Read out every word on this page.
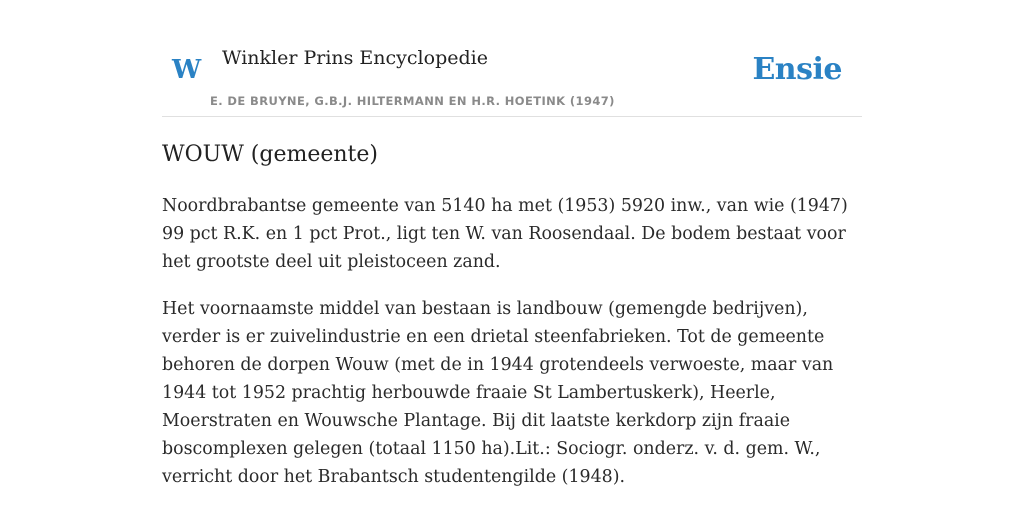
W Winkler Prins Encyclopedie
E. DE BRUYNE, G.B.J. HILTERMANN EN H.R. HOETINK (1947)
Ensie
WOUW (gemeente)

Noordbrabantse gemeente van 5140 ha met (1953) 5920 inw., van wie (1947) 99 pct R.K. en 1 pct Prot., ligt ten W. van Roosendaal. De bodem bestaat voor het grootste deel uit pleistoceen zand.

Het voornaamste middel van bestaan is landbouw (gemengde bedrijven), verder is er zuivelindustrie en een drietal steenfabrieken. Tot de gemeente behoren de dorpen Wouw (met de in 1944 grotendeels verwoeste, maar van 1944 tot 1952 prachtig herbouwde fraaie St Lambertuskerk), Heerle, Moerstraten en Wouwsche Plantage. Bij dit laatste kerkdorp zijn fraaie boscomplexen gelegen (totaal 1150 ha).Lit.: Sociogr. onderz. v. d. gem. W., verricht door het Brabantsch studentengilde (1948).
